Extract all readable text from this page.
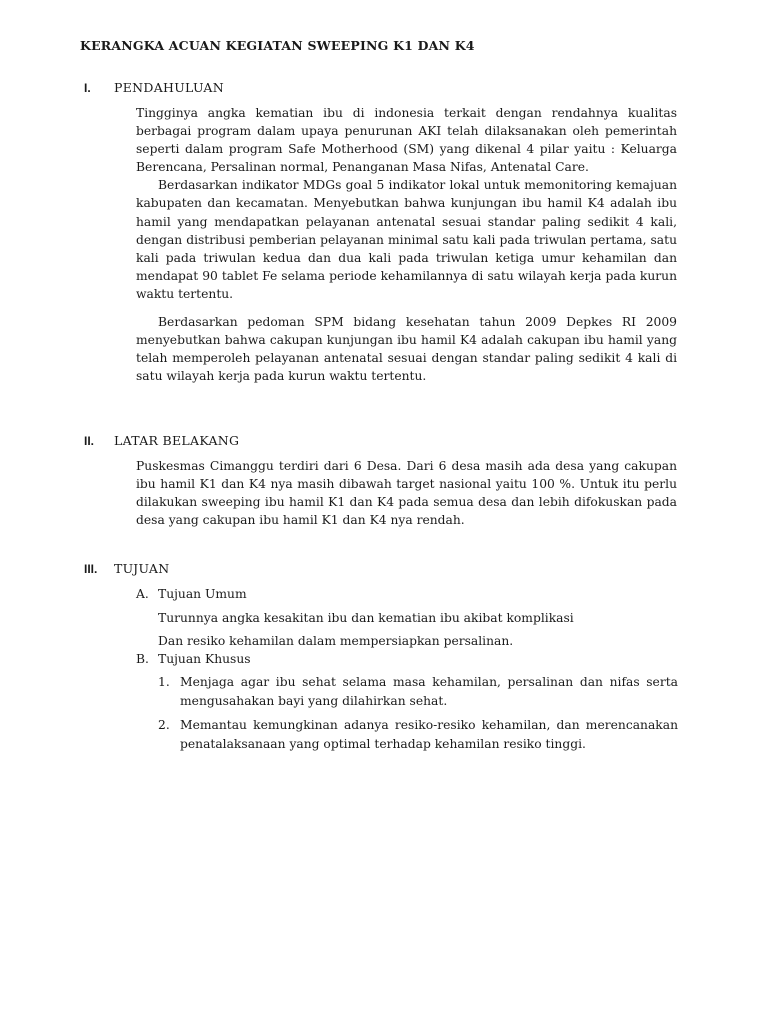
KERANGKA ACUAN KEGIATAN SWEEPING K1 DAN K4
I.	PENDAHULUAN

Tingginya angka kematian ibu di indonesia terkait dengan rendahnya kualitas berbagai program dalam upaya penurunan AKI telah dilaksanakan oleh pemerintah seperti dalam program Safe Motherhood (SM) yang dikenal 4 pilar yaitu : Keluarga Berencana, Persalinan normal, Penanganan Masa Nifas, Antenatal Care.

Berdasarkan indikator MDGs goal 5 indikator lokal untuk memonitoring kemajuan kabupaten dan kecamatan. Menyebutkan bahwa kunjungan ibu hamil K4 adalah ibu hamil yang mendapatkan pelayanan antenatal sesuai standar paling sedikit 4 kali, dengan distribusi pemberian pelayanan minimal satu kali pada triwulan pertama, satu kali pada triwulan kedua dan dua kali pada triwulan ketiga umur kehamilan dan mendapat 90 tablet Fe selama periode kehamilannya di satu wilayah kerja pada kurun waktu tertentu.

Berdasarkan pedoman SPM bidang kesehatan tahun 2009 Depkes RI 2009 menyebutkan bahwa cakupan kunjungan ibu hamil K4 adalah cakupan ibu hamil yang telah memperoleh pelayanan antenatal sesuai dengan standar paling sedikit 4 kali di satu wilayah kerja pada kurun waktu tertentu.

II.	LATAR BELAKANG

Puskesmas Cimanggu terdiri dari 6 Desa. Dari 6 desa masih ada desa yang cakupan ibu hamil K1 dan K4 nya masih dibawah target nasional yaitu 100 %. Untuk itu perlu dilakukan sweeping ibu hamil K1 dan K4 pada semua desa dan lebih difokuskan pada desa yang cakupan ibu hamil K1 dan K4 nya rendah.

III.	TUJUAN
A. Tujuan Umum

Turunnya angka kesakitan ibu dan kematian ibu akibat komplikasi

Dan resiko kehamilan dalam mempersiapkan persalinan.

B. Tujuan Khusus
1. Menjaga agar ibu sehat selama masa kehamilan, persalinan dan nifas serta mengusahakan bayi yang dilahirkan sehat.
2. Memantau kemungkinan adanya resiko-resiko kehamilan, dan merencanakan penatalaksanaan yang optimal terhadap kehamilan resiko tinggi.
